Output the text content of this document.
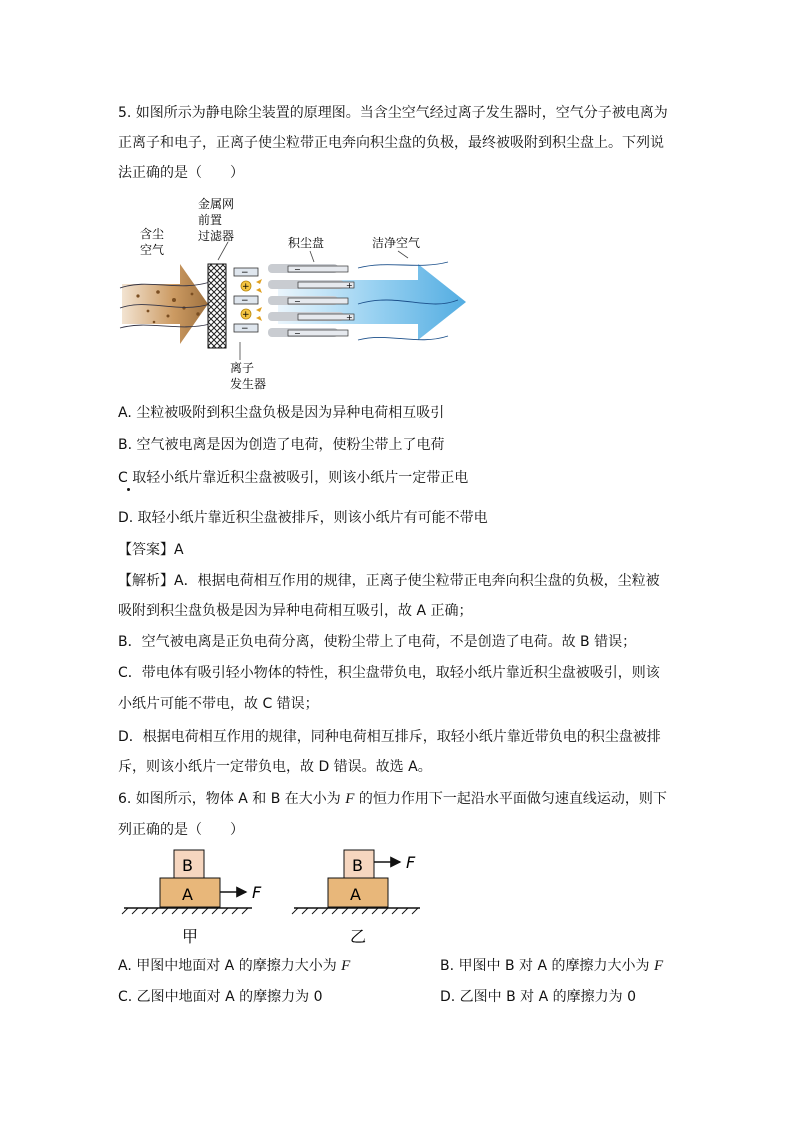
5. 如图所示为静电除尘装置的原理图。当含尘空气经过离子发生器时，空气分子被电离为
正离子和电子，正离子使尘粒带正电奔向积尘盘的负极，最终被吸附到积尘盘上。下列说
法正确的是（　　）
含尘
空气
金属网
前置
过滤器	积尘盘	洁净空气
离子
发生器
+
+
−
−
−
−
+
−
+
−
A. 尘粒被吸附到积尘盘负极是因为异种电荷相互吸引
B. 空气被电离是因为创造了电荷，使粉尘带上了电荷
C 取轻小纸片靠近积尘盘被吸引，则该小纸片一定带正电
D. 取轻小纸片靠近积尘盘被排斥，则该小纸片有可能不带电
【答案】A
【解析】A．根据电荷相互作用的规律，正离子使尘粒带正电奔向积尘盘的负极，尘粒被
吸附到积尘盘负极是因为异种电荷相互吸引，故 A 正确；
B．空气被电离是正负电荷分离，使粉尘带上了电荷，不是创造了电荷。故 B 错误；
C．带电体有吸引轻小物体的特性，积尘盘带负电，取轻小纸片靠近积尘盘被吸引，则该
小纸片可能不带电，故 C 错误；
D．根据电荷相互作用的规律，同种电荷相互排斥，取轻小纸片靠近带负电的积尘盘被排
斥，则该小纸片一定带负电，故 D 错误。故选 A。
6. 如图所示，物体 A 和 B 在大小为 F 的恒力作用下一起沿水平面做匀速直线运动，则下
列正确的是（　　）
B
A	F
甲
B	F
A
乙
A. 甲图中地面对 A 的摩擦力大小为 F	B. 甲图中 B 对 A 的摩擦力大小为 F
C. 乙图中地面对 A 的摩擦力为 0	D. 乙图中 B 对 A 的摩擦力为 0
